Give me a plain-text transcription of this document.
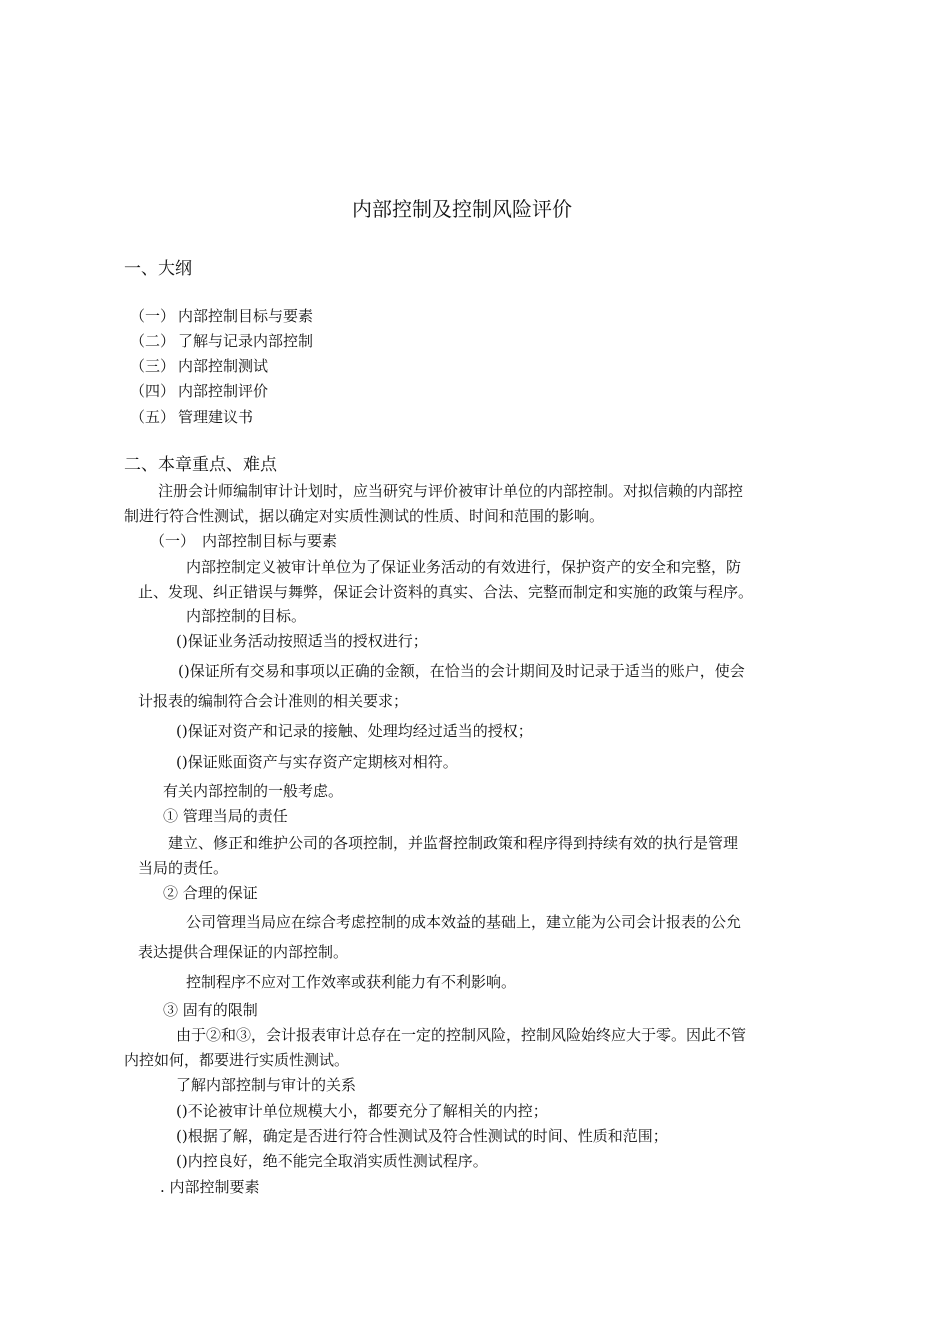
内部控制及控制风险评价
一、大纲
（一） 内部控制目标与要素
（二） 了解与记录内部控制
（三） 内部控制测试
（四） 内部控制评价
（五） 管理建议书
二、本章重点、难点
注册会计师编制审计计划时，应当研究与评价被审计单位的内部控制。对拟信赖的内部控
制进行符合性测试，据以确定对实质性测试的性质、时间和范围的影响。
（一） 内部控制目标与要素
内部控制定义被审计单位为了保证业务活动的有效进行，保护资产的安全和完整，防
止、发现、纠正错误与舞弊，保证会计资料的真实、合法、完整而制定和实施的政策与程序。
内部控制的目标。
()保证业务活动按照适当的授权进行；
()保证所有交易和事项以正确的金额，在恰当的会计期间及时记录于适当的账户，使会
计报表的编制符合会计准则的相关要求；
()保证对资产和记录的接触、处理均经过适当的授权；
()保证账面资产与实存资产定期核对相符。
有关内部控制的一般考虑。
① 管理当局的责任
建立、修正和维护公司的各项控制，并监督控制政策和程序得到持续有效的执行是管理
当局的责任。
② 合理的保证
公司管理当局应在综合考虑控制的成本效益的基础上，建立能为公司会计报表的公允
表达提供合理保证的内部控制。
控制程序不应对工作效率或获利能力有不利影响。
③ 固有的限制
由于②和③，会计报表审计总存在一定的控制风险，控制风险始终应大于零。因此不管
内控如何，都要进行实质性测试。
了解内部控制与审计的关系
()不论被审计单位规模大小，都要充分了解相关的内控；
()根据了解，确定是否进行符合性测试及符合性测试的时间、性质和范围；
()内控良好，绝不能完全取消实质性测试程序。
. 内部控制要素
